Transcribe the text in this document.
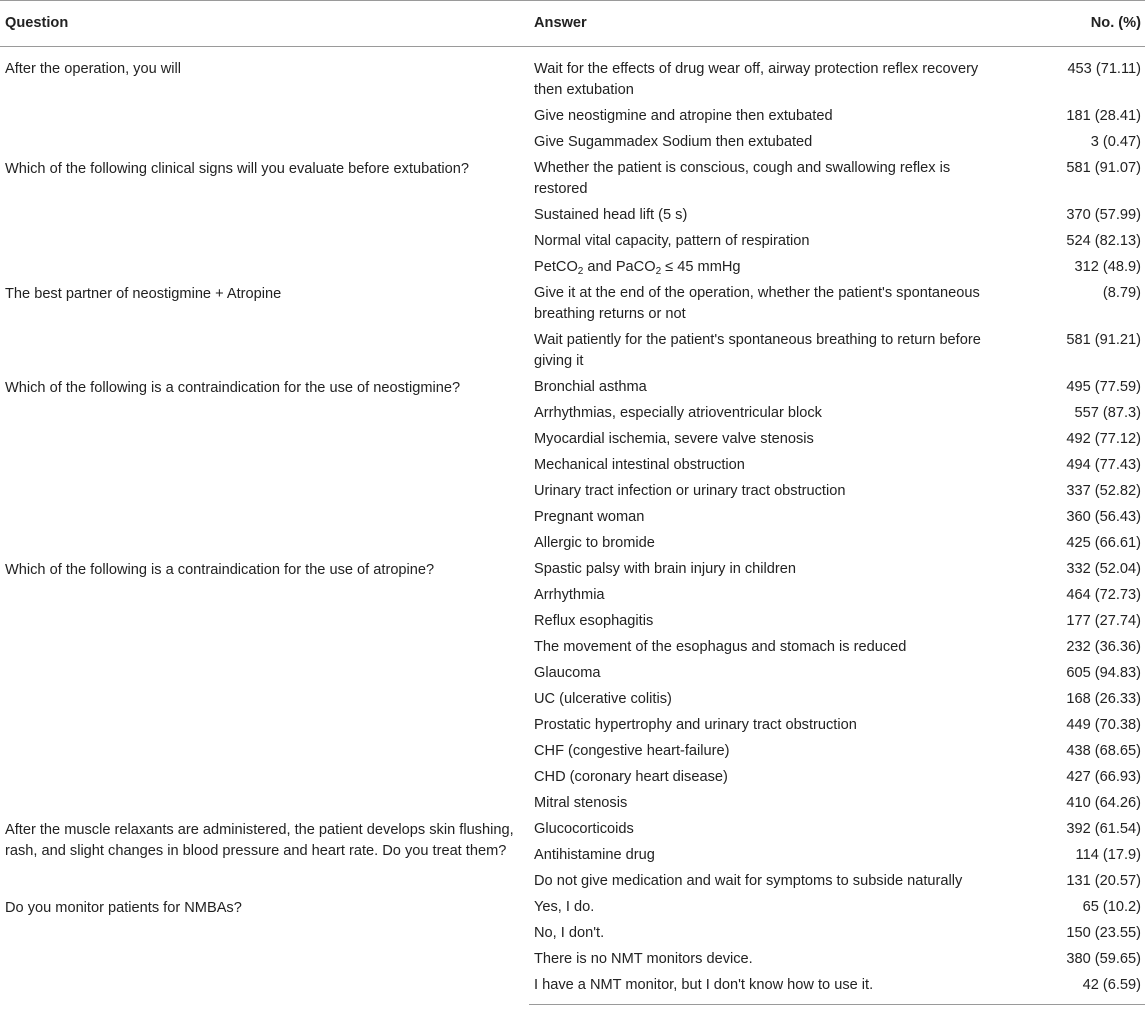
Question	Answer	No. (%)
After the operation, you will	Wait for the effects of drug wear off, airway protection reflex recovery then extubation	453 (71.11)
	Give neostigmine and atropine then extubated	181 (28.41)
	Give Sugammadex Sodium then extubated	3 (0.47)
Which of the following clinical signs will you evaluate before extubation?	Whether the patient is conscious, cough and swallowing reflex is restored	581 (91.07)
	Sustained head lift (5 s)	370 (57.99)
	Normal vital capacity, pattern of respiration	524 (82.13)
	PetCO$_2$ and PaCO$_2$ ≤ 45 mmHg	312 (48.9)
The best partner of neostigmine + Atropine	Give it at the end of the operation, whether the patient's spontaneous breathing returns or not	(8.79)
	Wait patiently for the patient's spontaneous breathing to return before giving it	581 (91.21)
Which of the following is a contraindication for the use of neostigmine?	Bronchial asthma	495 (77.59)
	Arrhythmias, especially atrioventricular block	557 (87.3)
	Myocardial ischemia, severe valve stenosis	492 (77.12)
	Mechanical intestinal obstruction	494 (77.43)
	Urinary tract infection or urinary tract obstruction	337 (52.82)
	Pregnant woman	360 (56.43)
	Allergic to bromide	425 (66.61)
Which of the following is a contraindication for the use of atropine?	Spastic palsy with brain injury in children	332 (52.04)
	Arrhythmia	464 (72.73)
	Reflux esophagitis	177 (27.74)
	The movement of the esophagus and stomach is reduced	232 (36.36)
	Glaucoma	605 (94.83)
	UC (ulcerative colitis)	168 (26.33)
	Prostatic hypertrophy and urinary tract obstruction	449 (70.38)
	CHF (congestive heart-failure)	438 (68.65)
	CHD (coronary heart disease)	427 (66.93)
	Mitral stenosis	410 (64.26)
After the muscle relaxants are administered, the patient develops skin flushing, rash, and slight changes in blood pressure and heart rate. Do you treat them?	Glucocorticoids	392 (61.54)
	Antihistamine drug	114 (17.9)
	Do not give medication and wait for symptoms to subside naturally	131 (20.57)
Do you monitor patients for NMBAs?	Yes, I do.	65 (10.2)
	No, I don't.	150 (23.55)
	There is no NMT monitors device.	380 (59.65)
	I have a NMT monitor, but I don't know how to use it.	42 (6.59)
